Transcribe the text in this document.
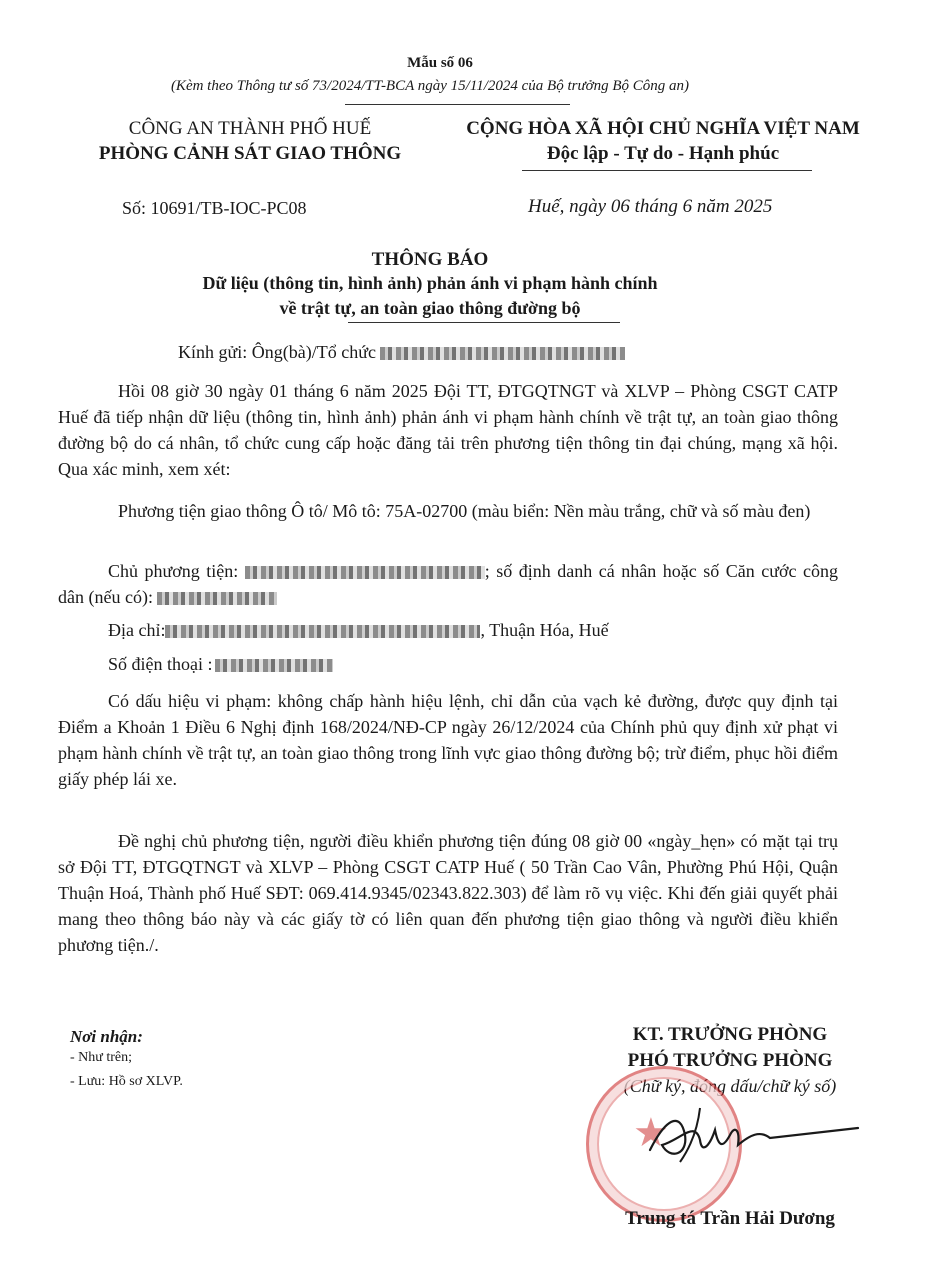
Mẫu số 06
(Kèm theo Thông tư số 73/2024/TT-BCA ngày 15/11/2024 của Bộ trưởng Bộ Công an)
CÔNG AN THÀNH PHỐ HUẾ
PHÒNG CẢNH SÁT GIAO THÔNG
CỘNG HÒA XÃ HỘI CHỦ NGHĨA VIỆT NAM
Độc lập - Tự do - Hạnh phúc
Số: 10691/TB-IOC-PC08	Huế, ngày 06 tháng 6 năm 2025
THÔNG BÁO
Dữ liệu (thông tin, hình ảnh) phản ánh vi phạm hành chính
về trật tự, an toàn giao thông đường bộ
Kính gửi: Ông(bà)/Tổ chức
Hồi 08 giờ 30 ngày 01 tháng 6 năm 2025 Đội TT, ĐTGQTNGT và XLVP – Phòng CSGT CATP Huế đã tiếp nhận dữ liệu (thông tin, hình ảnh) phản ánh vi phạm hành chính về trật tự, an toàn giao thông đường bộ do cá nhân, tổ chức cung cấp hoặc đăng tải trên phương tiện thông tin đại chúng, mạng xã hội. Qua xác minh, xem xét:
Phương tiện giao thông Ô tô/ Mô tô: 75A-02700 (màu biển: Nền màu trắng, chữ và số màu đen)
Chủ phương tiện:	; số định danh cá nhân hoặc số Căn cước công dân (nếu có):
Địa chỉ:	, Thuận Hóa, Huế
Số điện thoại :
Có dấu hiệu vi phạm: không chấp hành hiệu lệnh, chỉ dẫn của vạch kẻ đường, được quy định tại Điểm a Khoản 1 Điều 6 Nghị định 168/2024/NĐ-CP ngày 26/12/2024 của Chính phủ quy định xử phạt vi phạm hành chính về trật tự, an toàn giao thông trong lĩnh vực giao thông đường bộ; trừ điểm, phục hồi điểm giấy phép lái xe.
Đề nghị chủ phương tiện, người điều khiển phương tiện đúng 08 giờ 00 «ngày_hẹn» có mặt tại trụ sở Đội TT, ĐTGQTNGT và XLVP – Phòng CSGT CATP Huế ( 50 Trần Cao Vân, Phường Phú Hội, Quận Thuận Hoá, Thành phố Huế SĐT: 069.414.9345/02343.822.303) để làm rõ vụ việc. Khi đến giải quyết phải mang theo thông báo này và các giấy tờ có liên quan đến phương tiện giao thông và người điều khiển phương tiện./.
Nơi nhận:
- Như trên;
- Lưu: Hồ sơ XLVP.
KT. TRƯỞNG PHÒNG
PHÓ TRƯỞNG PHÒNG
(Chữ ký, đóng dấu/chữ ký số)
★
Trung tá Trần Hải Dương
